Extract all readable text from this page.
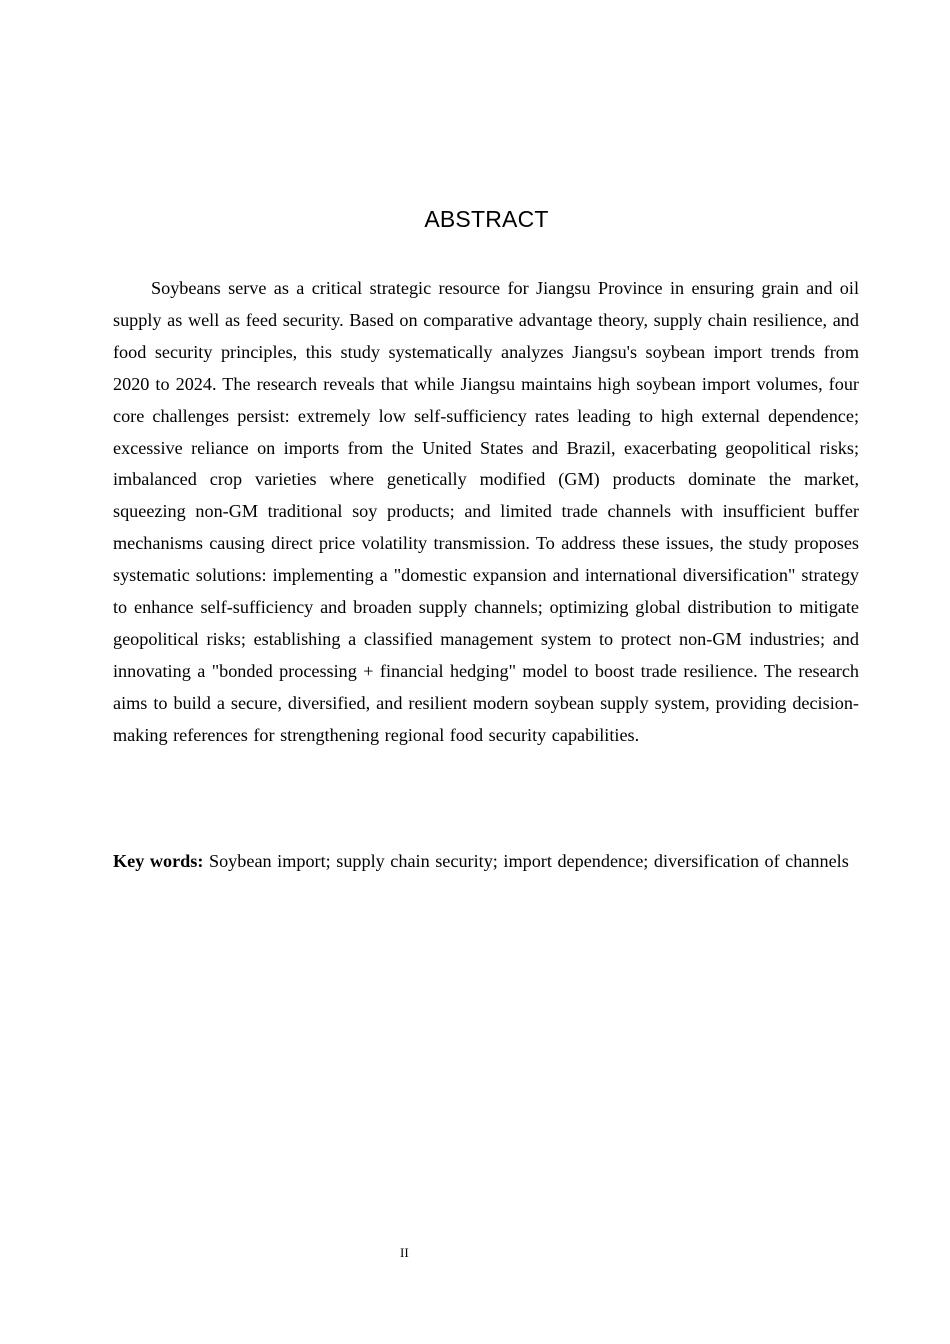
ABSTRACT

Soybeans serve as a critical strategic resource for Jiangsu Province in ensuring grain and oil supply as well as feed security. Based on comparative advantage theory, supply chain resilience, and food security principles, this study systematically analyzes Jiangsu's soybean import trends from 2020 to 2024. The research reveals that while Jiangsu maintains high soybean import volumes, four core challenges persist: extremely low self-sufficiency rates leading to high external dependence; excessive reliance on imports from the United States and Brazil, exacerbating geopolitical risks; imbalanced crop varieties where genetically modified (GM) products dominate the market, squeezing non-GM traditional soy products; and limited trade channels with insufficient buffer mechanisms causing direct price volatility transmission. To address these issues, the study proposes systematic solutions: implementing a "domestic expansion and international diversification" strategy to enhance self-sufficiency and broaden supply channels; optimizing global distribution to mitigate geopolitical risks; establishing a classified management system to protect non-GM industries; and innovating a "bonded processing + financial hedging" model to boost trade resilience. The research aims to build a secure, diversified, and resilient modern soybean supply system, providing decision-making references for strengthening regional food security capabilities.

Key words: Soybean import; supply chain security; import dependence; diversification of channels

II
